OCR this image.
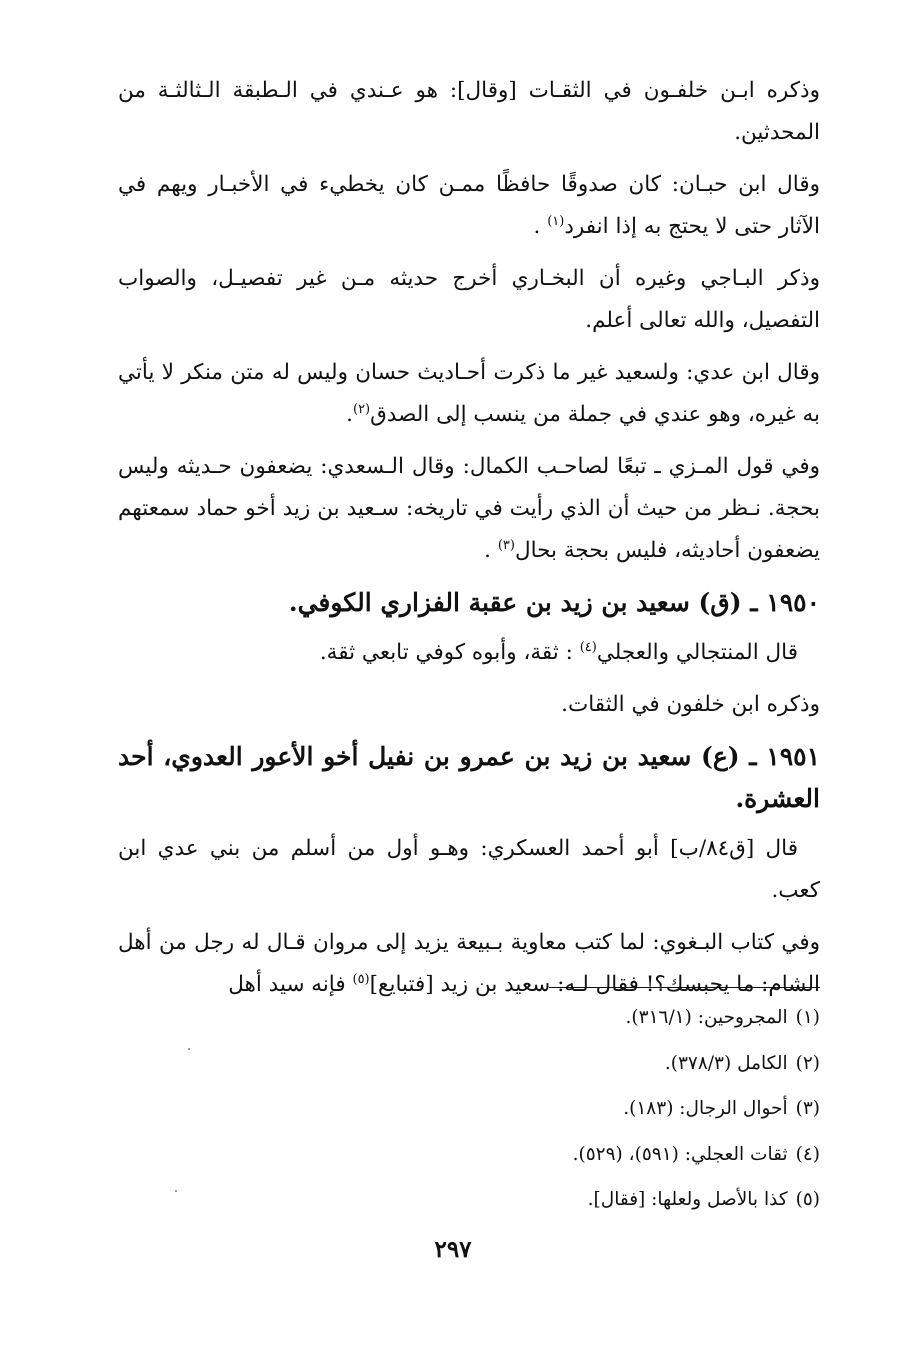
وذكره ابـن خلفـون في الثقـات [وقال]: هو عـندي في الـطبقة الـثالثـة من المحدثين.

وقال ابن حبـان: كان صدوقًا حافظًا ممـن كان يخطيء في الأخبـار ويهم في الآثار حتى لا يحتج به إذا انفرد$^{(١)}$ .

وذكر البـاجي وغيره أن البخـاري أخرج حديثه مـن غير تفصيـل، والصواب التفصيل، والله تعالى أعلم.

وقال ابن عدي: ولسعيد غير ما ذكرت أحـاديث حسان وليس له متن منكر لا يأتي به غيره، وهو عندي في جملة من ينسب إلى الصدق$^{(٢)}$.

وفي قول المـزي ـ تبعًا لصاحـب الكمال: وقال الـسعدي: يضعفون حـديثه وليس بحجة. نـظر من حيث أن الذي رأيت في تاريخه: سـعيد بن زيد أخو حماد سمعتهم يضعفون أحاديثه، فليس بحجة بحال$^{(٣)}$ .

١٩٥٠ ـ (ق) سعيد بن زيد بن عقبة الفزاري الكوفي.

قال المنتجالي والعجلي$^{(٤)}$ : ثقة، وأبوه كوفي تابعي ثقة.

وذكره ابن خلفون في الثقات.

١٩٥١ ـ (ع) سعيد بن زيد بن عمرو بن نفيل أخو الأعور العدوي، أحد العشرة.

قال [ق٨٤/ب] أبو أحمد العسكري: وهـو أول من أسلم من بني عدي ابن كعب.

وفي كتاب البـغوي: لما كتب معاوية بـبيعة يزيد إلى مروان قـال له رجل من أهل الشام: ما يحبسك؟! فقال لـه: سعيد بن زيد [فتبايع]$^{(٥)}$ فإنه سيد أهل

(١)المجروحين: (٣١٦/١).
(٢)الكامل (٣٧٨/٣).
(٣)أحوال الرجال: (١٨٣).
(٤)ثقات العجلي: (٥٩١)، (٥٢٩).
(٥)كذا بالأصل ولعلها: [فقال].
٢٩٧
